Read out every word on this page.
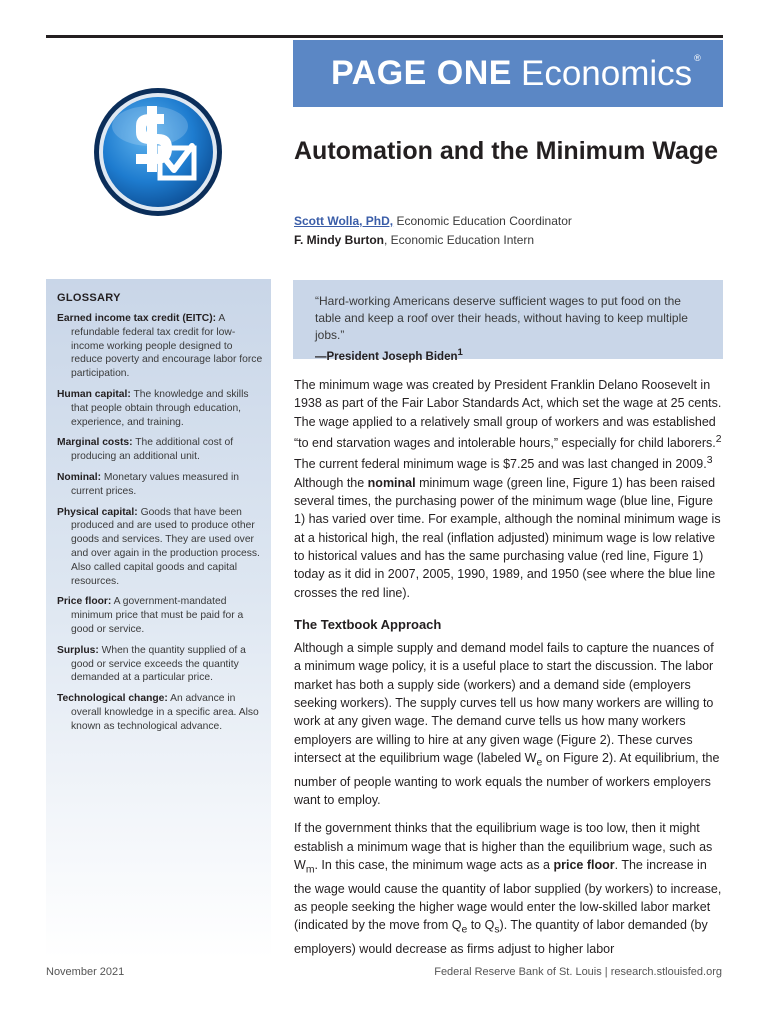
PAGE ONE Economics ®
Automation and the Minimum Wage
Scott Wolla, PhD, Economic Education Coordinator
F. Mindy Burton, Economic Education Intern
GLOSSARY
Earned income tax credit (EITC): A refundable federal tax credit for low-income working people designed to reduce poverty and encourage labor force participation.
Human capital: The knowledge and skills that people obtain through education, experience, and training.
Marginal costs: The additional cost of producing an additional unit.
Nominal: Monetary values measured in current prices.
Physical capital: Goods that have been produced and are used to produce other goods and services. They are used over and over again in the production process. Also called capital goods and capital resources.
Price floor: A government-mandated minimum price that must be paid for a good or service.
Surplus: When the quantity supplied of a good or service exceeds the quantity demanded at a particular price.
Technological change: An advance in overall knowledge in a specific area. Also known as technological advance.
“Hard-working Americans deserve sufficient wages to put food on the table and keep a roof over their heads, without having to keep multiple jobs.”
—President Joseph Biden$^1$

The minimum wage was created by President Franklin Delano Roosevelt in 1938 as part of the Fair Labor Standards Act, which set the wage at 25 cents. The wage applied to a relatively small group of workers and was established “to end starvation wages and intolerable hours,” especially for child laborers.$^2$ The current federal minimum wage is $7.25 and was last changed in 2009.$^3$ Although the nominal minimum wage (green line, Figure 1) has been raised several times, the purchasing power of the minimum wage (blue line, Figure 1) has varied over time. For example, although the nominal minimum wage is at a historical high, the real (inflation adjusted) minimum wage is low relative to historical values and has the same purchasing value (red line, Figure 1) today as it did in 2007, 2005, 1990, 1989, and 1950 (see where the blue line crosses the red line).

The Textbook Approach

Although a simple supply and demand model fails to capture the nuances of a minimum wage policy, it is a useful place to start the discussion. The labor market has both a supply side (workers) and a demand side (employers seeking workers). The supply curves tell us how many workers are willing to work at any given wage. The demand curve tells us how many workers employers are willing to hire at any given wage (Figure 2). These curves intersect at the equilibrium wage (labeled $W_e$ on Figure 2). At equilibrium, the number of people wanting to work equals the number of workers employers want to employ.

If the government thinks that the equilibrium wage is too low, then it might establish a minimum wage that is higher than the equilibrium wage, such as $W_m$. In this case, the minimum wage acts as a price floor. The increase in the wage would cause the quantity of labor supplied (by workers) to increase, as people seeking the higher wage would enter the low-skilled labor market (indicated by the move from $Q_e$ to $Q_s$). The quantity of labor demanded (by employers) would decrease as firms adjust to higher labor

November 2021	Federal Reserve Bank of St. Louis | research.stlouisfed.org
